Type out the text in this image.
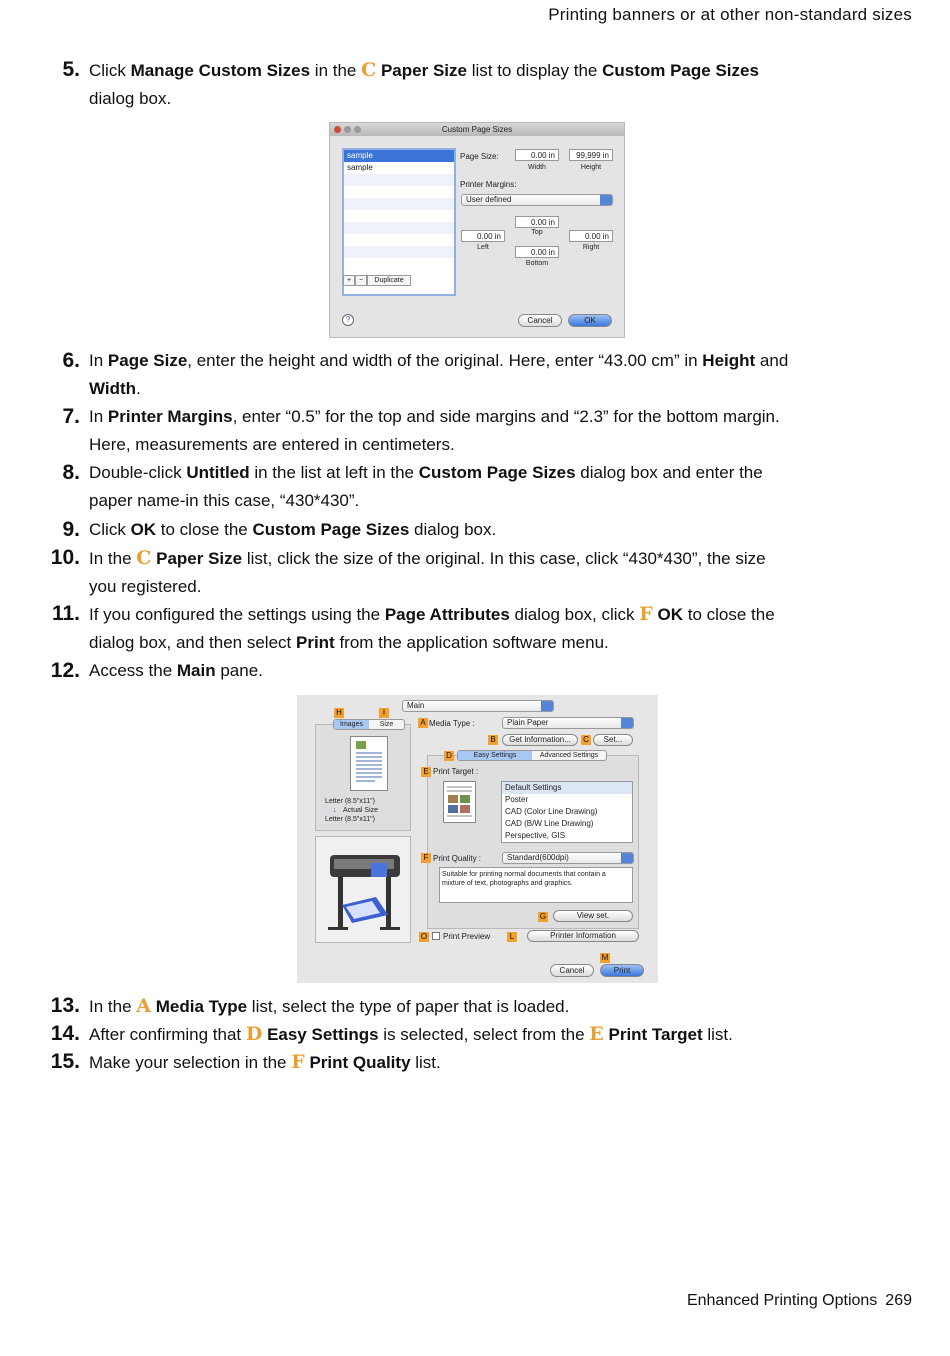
Printing banners or at other non-standard sizes
5. Click Manage Custom Sizes in the C Paper Size list to display the Custom Page Sizes
dialog box.
Custom Page Sizes
sample
sample
Page Size:	0.00 in	99,999 in
Width	Height
Printer Margins:
User defined
0.00 in
Top
0.00 in
Left
0.00 in
Right
0.00 in
Bottom
+	−	Duplicate
?	Cancel	OK
6. In Page Size, enter the height and width of the original. Here, enter “43.00 cm” in Height and
Width.
7. In Printer Margins, enter “0.5” for the top and side margins and “2.3” for the bottom margin.
Here, measurements are entered in centimeters.
8. Double-click Untitled in the list at left in the Custom Page Sizes dialog box and enter the
paper name-in this case, “430*430”.
9. Click OK to close the Custom Page Sizes dialog box.
10. In the C Paper Size list, click the size of the original. In this case, click “430*430”, the size
you registered.
11. If you configured the settings using the Page Attributes dialog box, click F OK to close the
dialog box, and then select Print from the application software menu.
12. Access the Main pane.
Main
H	I
Images	Size
Letter (8.5"x11")
↓ Actual Size
Letter (8.5"x11")
A Media Type :	Plain Paper
B	Get Information...	C	Set...
D	Easy Settings	Advanced Settings
E Print Target :
Default Settings
Poster
CAD (Color Line Drawing)
CAD (B/W Line Drawing)
Perspective, GIS
F Print Quality :	Standard(600dpi)
Suitable for printing normal documents that contain a mixture of text, photographs and graphics.
G	View set.
O Print Preview	L	Printer Information
M
Cancel	Print
13. In the A Media Type list, select the type of paper that is loaded.
14. After confirming that D Easy Settings is selected, select from the E Print Target list.
15. Make your selection in the F Print Quality list.
Enhanced Printing Options 269
